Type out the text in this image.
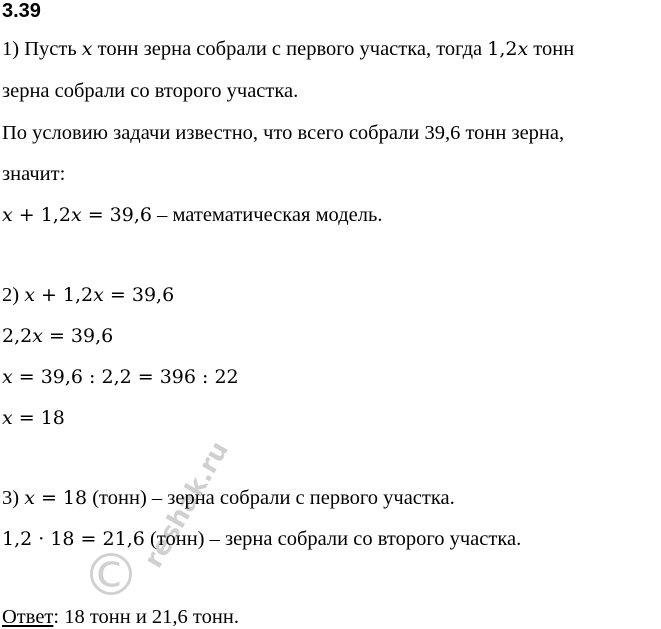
3.39
1) Пусть x тонн зерна собрали с первого участка, тогда 1,2x тонн
зерна собрали со второго участка.
По условию задачи известно, что всего собрали 39,6 тонн зерна,
значит:
x + 1,2x = 39,6 – математическая модель.
2) x + 1,2x = 39,6
2,2x = 39,6
x = 39,6 : 2,2 = 396 : 22
x = 18
3) x = 18 (тонн) – зерна собрали с первого участка.
1,2 · 18 = 21,6 (тонн) – зерна собрали со второго участка.
Ответ: 18 тонн и 21,6 тонн.
©
reshak.ru
